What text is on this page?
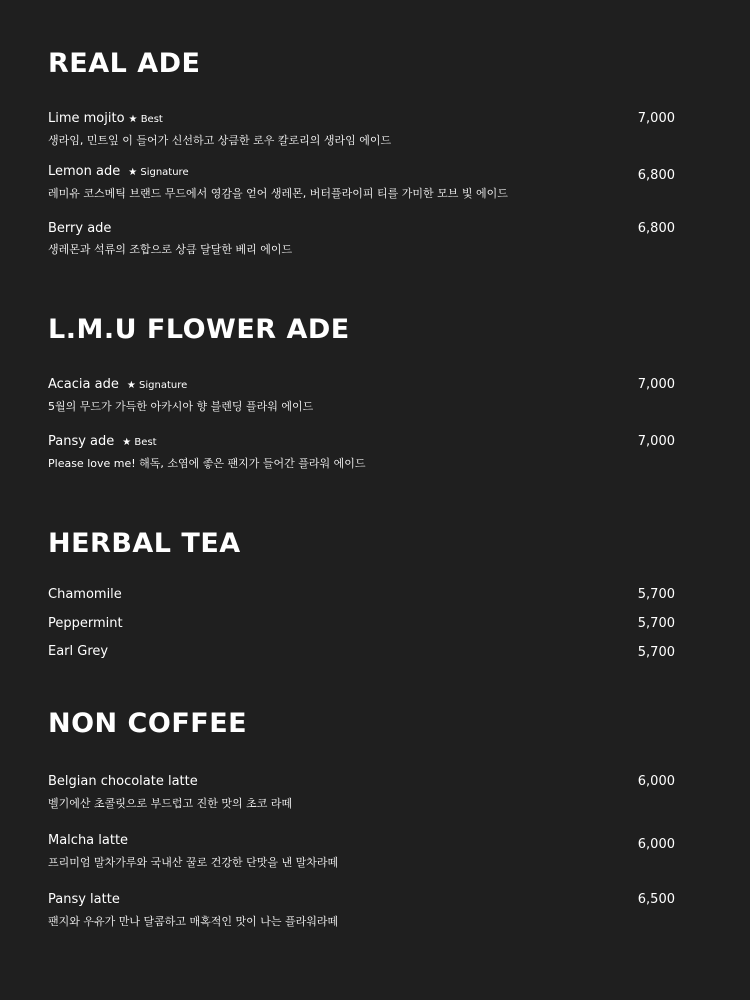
REAL ADE
Lime mojito ★ Best	7,000
생라임, 민트잎 이 들어가 신선하고 상큼한 로우 칼로리의 생라임 에이드
Lemon ade ★ Signature	6,800
레미유 코스메틱 브랜드 무드에서 영감을 얻어 생레몬, 버터플라이피 티를 가미한 모브 빛 에이드
Berry ade	6,800
생레몬과 석류의 조합으로 상큼 달달한 베리 에이드
L.M.U FLOWER ADE
Acacia ade ★ Signature	7,000
5월의 무드가 가득한 아카시아 향 블렌딩 플라워 에이드
Pansy ade ★ Best	7,000
Please love me! 해독, 소염에 좋은 팬지가 들어간 플라워 에이드
HERBAL TEA
Chamomile	5,700
Peppermint	5,700
Earl Grey	5,700
NON COFFEE
Belgian chocolate latte	6,000
벨기에산 초콜릿으로 부드럽고 진한 맛의 초코 라떼
Malcha latte	6,000
프리미엄 말차가루와 국내산 꿀로 건강한 단맛을 낸 말차라떼
Pansy latte	6,500
팬지와 우유가 만나 달콤하고 매혹적인 맛이 나는 플라워라떼
